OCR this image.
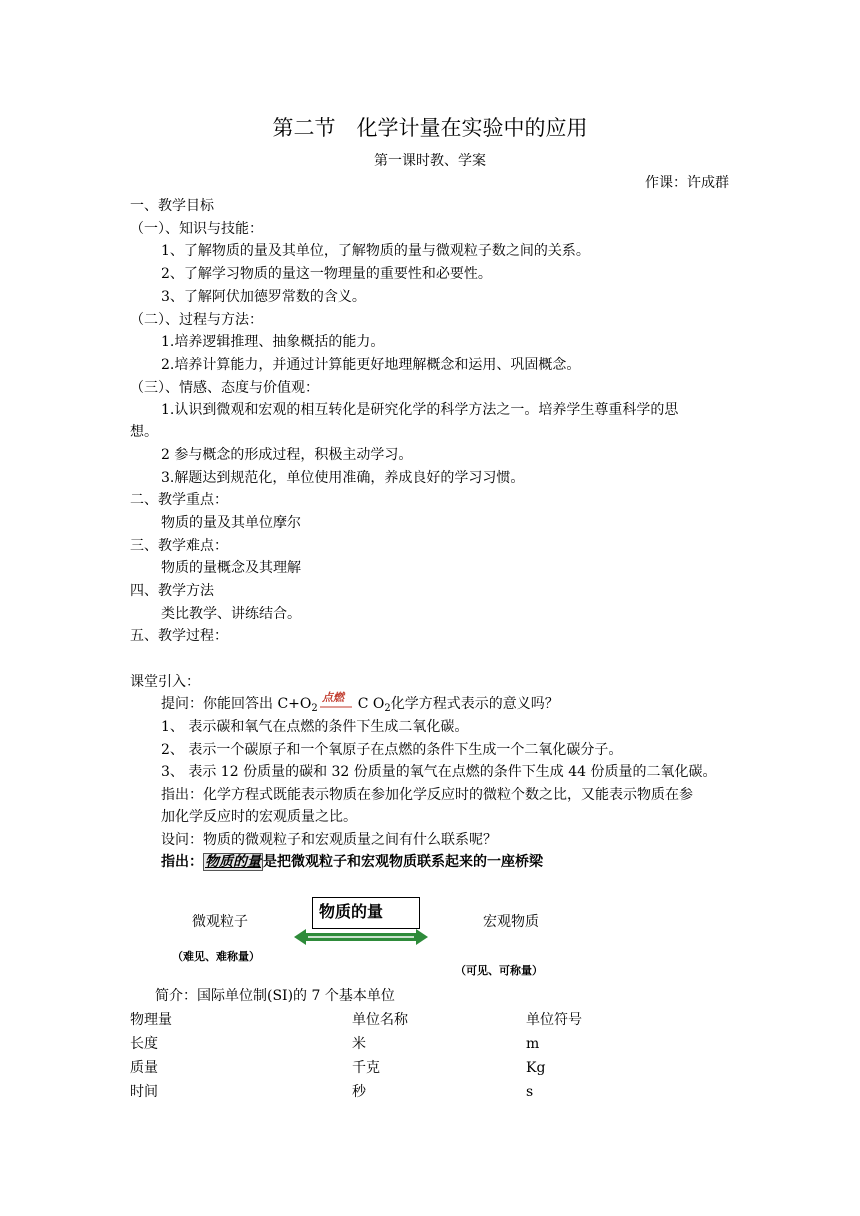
第二节　化学计量在实验中的应用
第一课时教、学案
作课：许成群
一、教学目标
（一）、知识与技能：
1、了解物质的量及其单位，了解物质的量与微观粒子数之间的关系。
2、了解学习物质的量这一物理量的重要性和必要性。
3、了解阿伏加德罗常数的含义。
（二）、过程与方法：
1.培养逻辑推理、抽象概括的能力。
2.培养计算能力，并通过计算能更好地理解概念和运用、巩固概念。
（三）、情感、态度与价值观：
1.认识到微观和宏观的相互转化是研究化学的科学方法之一。培养学生尊重科学的思
想。
2 参与概念的形成过程，积极主动学习。
3.解题达到规范化，单位使用准确，养成良好的学习习惯。
二、教学重点：
物质的量及其单位摩尔
三、教学难点：
物质的量概念及其理解
四、教学方法
类比教学、讲练结合。
五、教学过程：
课堂引入：
提问：你能回答出 $C+O_2$	C $O_2$化学方程式表示的意义吗？
点燃
1、 表示碳和氧气在点燃的条件下生成二氧化碳。
2、 表示一个碳原子和一个氧原子在点燃的条件下生成一个二氧化碳分子。
3、 表示 12 份质量的碳和 32 份质量的氧气在点燃的条件下生成 44 份质量的二氧化碳。
指出：化学方程式既能表示物质在参加化学反应时的微粒个数之比，又能表示物质在参
加化学反应时的宏观质量之比。
设问：物质的微观粒子和宏观质量之间有什么联系呢？
指出： 物质的量 是把微观粒子和宏观物质联系起来的一座桥梁
微观粒子
物质的量
宏观物质
（难见、难称量）
（可见、可称量）
简介：国际单位制(SI)的 7 个基本单位
物理量	单位名称	单位符号
长度	米	m
质量	千克	Kg
时间	秒	s
